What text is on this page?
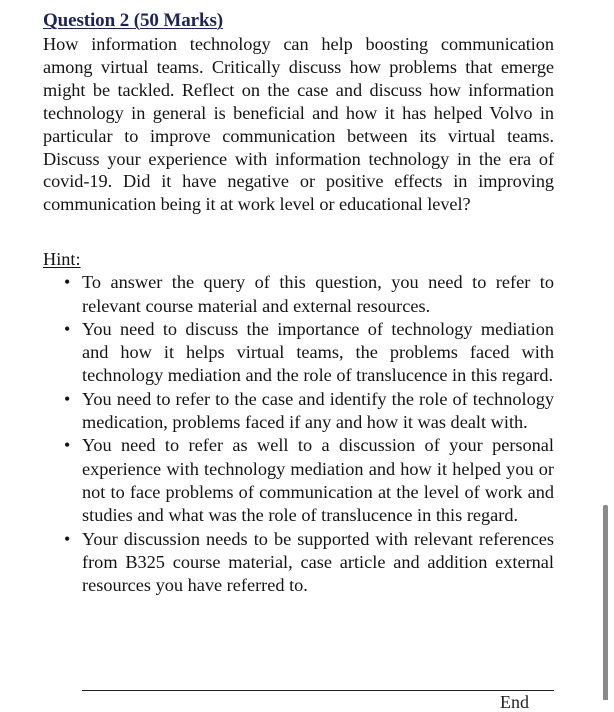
Question 2 (50 Marks)

How information technology can help boosting communication among virtual teams. Critically discuss how problems that emerge might be tackled. Reflect on the case and discuss how information technology in general is beneficial and how it has helped Volvo in particular to improve communication between its virtual teams. Discuss your experience with information technology in the era of covid-19. Did it have negative or positive effects in improving communication being it at work level or educational level?

Hint:
• To answer the query of this question, you need to refer to relevant course material and external resources.
• You need to discuss the importance of technology mediation and how it helps virtual teams, the problems faced with technology mediation and the role of translucence in this regard.
• You need to refer to the case and identify the role of technology medication, problems faced if any and how it was dealt with.
• You need to refer as well to a discussion of your personal experience with technology mediation and how it helped you or not to face problems of communication at the level of work and studies and what was the role of translucence in this regard.
• Your discussion needs to be supported with relevant references from B325 course material, case article and addition external resources you have referred to.
End
